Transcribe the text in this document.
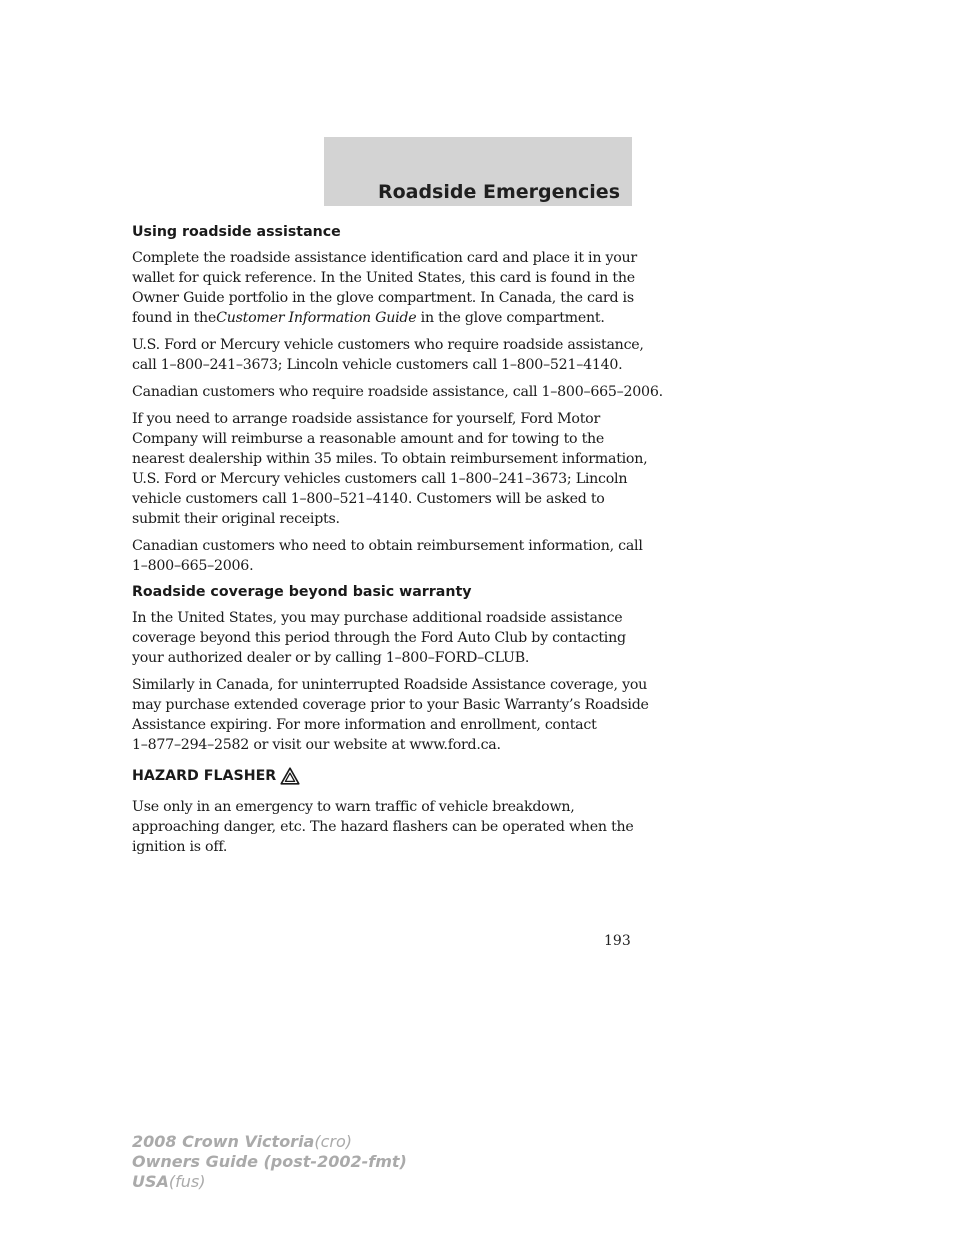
Roadside Emergencies
Using roadside assistance

Complete the roadside assistance identification card and place it in your
wallet for quick reference. In the United States, this card is found in the
Owner Guide portfolio in the glove compartment. In Canada, the card is
found in theCustomer Information Guide in the glove compartment.

U.S. Ford or Mercury vehicle customers who require roadside assistance,
call 1–800–241–3673; Lincoln vehicle customers call 1–800–521–4140.

Canadian customers who require roadside assistance, call 1–800–665–2006.

If you need to arrange roadside assistance for yourself, Ford Motor
Company will reimburse a reasonable amount and for towing to the
nearest dealership within 35 miles. To obtain reimbursement information,
U.S. Ford or Mercury vehicles customers call 1–800–241–3673; Lincoln
vehicle customers call 1–800–521–4140. Customers will be asked to
submit their original receipts.

Canadian customers who need to obtain reimbursement information, call
1–800–665–2006.

Roadside coverage beyond basic warranty

In the United States, you may purchase additional roadside assistance
coverage beyond this period through the Ford Auto Club by contacting
your authorized dealer or by calling 1–800–FORD–CLUB.

Similarly in Canada, for uninterrupted Roadside Assistance coverage, you
may purchase extended coverage prior to your Basic Warranty’s Roadside
Assistance expiring. For more information and enrollment, contact
1–877–294–2582 or visit our website at www.ford.ca.

HAZARD FLASHER

Use only in an emergency to warn traffic of vehicle breakdown,
approaching danger, etc. The hazard flashers can be operated when the
ignition is off.

193
2008 Crown Victoria(cro)
Owners Guide (post-2002-fmt)
USA(fus)
